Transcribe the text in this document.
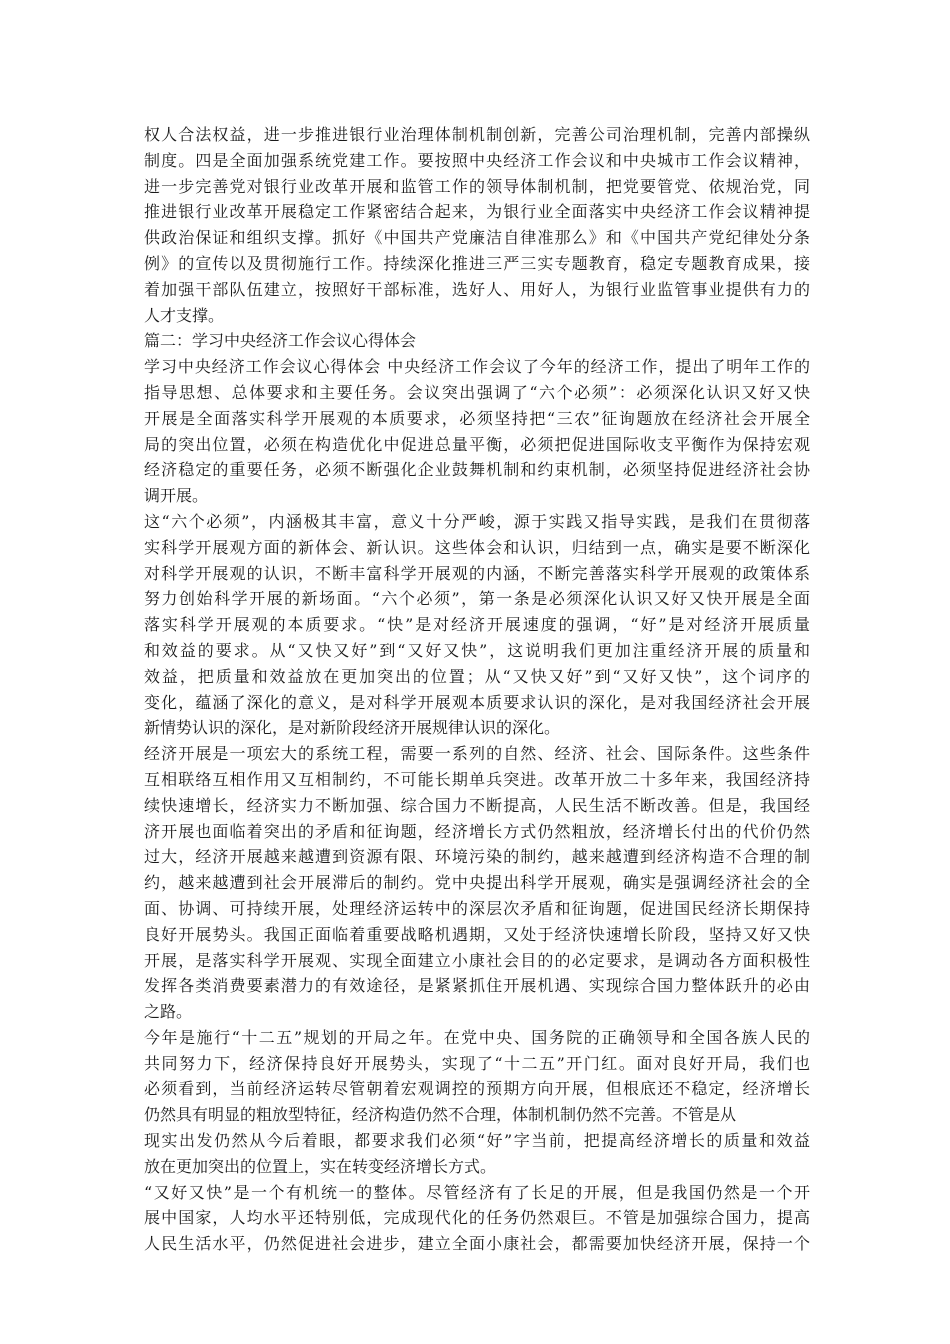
权人合法权益，进一步推进银行业治理体制机制创新，完善公司治理机制，完善内部操纵
制度。四是全面加强系统党建工作。要按照中央经济工作会议和中央城市工作会议精神，
进一步完善党对银行业改革开展和监管工作的领导体制机制，把党要管党、依规治党，同
推进银行业改革开展稳定工作紧密结合起来，为银行业全面落实中央经济工作会议精神提
供政治保证和组织支撑。抓好《中国共产党廉洁自律准那么》和《中国共产党纪律处分条
例》的宣传以及贯彻施行工作。持续深化推进三严三实专题教育，稳定专题教育成果，接
着加强干部队伍建立，按照好干部标准，选好人、用好人，为银行业监管事业提供有力的
人才支撑。
篇二：学习中央经济工作会议心得体会
学习中央经济工作会议心得体会 中央经济工作会议了今年的经济工作，提出了明年工作的
指导思想、总体要求和主要任务。会议突出强调了“六个必须”：必须深化认识又好又快
开展是全面落实科学开展观的本质要求，必须坚持把“三农”征询题放在经济社会开展全
局的突出位置，必须在构造优化中促进总量平衡，必须把促进国际收支平衡作为保持宏观
经济稳定的重要任务，必须不断强化企业鼓舞机制和约束机制，必须坚持促进经济社会协
调开展。
这“六个必须”，内涵极其丰富，意义十分严峻，源于实践又指导实践，是我们在贯彻落
实科学开展观方面的新体会、新认识。这些体会和认识，归结到一点，确实是要不断深化
对科学开展观的认识，不断丰富科学开展观的内涵，不断完善落实科学开展观的政策体系
努力创始科学开展的新场面。“六个必须”，第一条是必须深化认识又好又快开展是全面
落实科学开展观的本质要求。“快”是对经济开展速度的强调，“好”是对经济开展质量
和效益的要求。从“又快又好”到“又好又快”，这说明我们更加注重经济开展的质量和
效益，把质量和效益放在更加突出的位置；从“又快又好”到“又好又快”，这个词序的
变化，蕴涵了深化的意义，是对科学开展观本质要求认识的深化，是对我国经济社会开展
新情势认识的深化，是对新阶段经济开展规律认识的深化。
经济开展是一项宏大的系统工程，需要一系列的自然、经济、社会、国际条件。这些条件
互相联络互相作用又互相制约，不可能长期单兵突进。改革开放二十多年来，我国经济持
续快速增长，经济实力不断加强、综合国力不断提高，人民生活不断改善。但是，我国经
济开展也面临着突出的矛盾和征询题，经济增长方式仍然粗放，经济增长付出的代价仍然
过大，经济开展越来越遭到资源有限、环境污染的制约，越来越遭到经济构造不合理的制
约，越来越遭到社会开展滞后的制约。党中央提出科学开展观，确实是强调经济社会的全
面、协调、可持续开展，处理经济运转中的深层次矛盾和征询题，促进国民经济长期保持
良好开展势头。我国正面临着重要战略机遇期，又处于经济快速增长阶段，坚持又好又快
开展，是落实科学开展观、实现全面建立小康社会目的的必定要求，是调动各方面积极性
发挥各类消费要素潜力的有效途径，是紧紧抓住开展机遇、实现综合国力整体跃升的必由
之路。
今年是施行“十二五”规划的开局之年。在党中央、国务院的正确领导和全国各族人民的
共同努力下，经济保持良好开展势头，实现了“十二五”开门红。面对良好开局，我们也
必须看到，当前经济运转尽管朝着宏观调控的预期方向开展，但根底还不稳定，经济增长
仍然具有明显的粗放型特征，经济构造仍然不合理，体制机制仍然不完善。不管是从
现实出发仍然从今后着眼，都要求我们必须“好”字当前，把提高经济增长的质量和效益
放在更加突出的位置上，实在转变经济增长方式。
“又好又快”是一个有机统一的整体。尽管经济有了长足的开展，但是我国仍然是一个开
展中国家，人均水平还特别低，完成现代化的任务仍然艰巨。不管是加强综合国力，提高
人民生活水平，仍然促进社会进步，建立全面小康社会，都需要加快经济开展，保持一个
